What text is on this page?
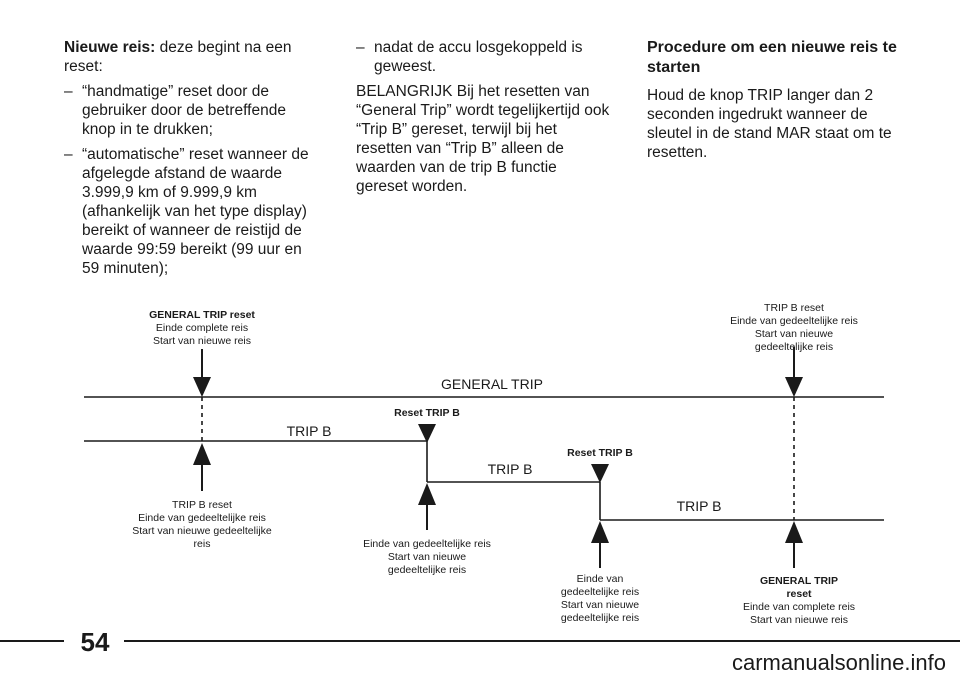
Nieuwe reis: deze begint na een reset:

– “handmatige” reset door de gebruiker door de betreffende knop in te drukken;
– “automatische” reset wanneer de afgelegde afstand de waarde 3.999,9 km of 9.999,9 km (afhankelijk van het type display) bereikt of wanneer de reistijd de waarde 99:59 bereikt (99 uur en 59 minuten);
– nadat de accu losgekoppeld is geweest.

BELANGRIJK Bij het resetten van “General Trip” wordt tegelijkertijd ook “Trip B” gereset, terwijl bij het resetten van “Trip B” alleen de waarden van de trip B functie gereset worden.

Procedure om een nieuwe reis te starten

Houd de knop TRIP langer dan 2 seconden ingedrukt wanneer de sleutel in de stand MAR staat om te resetten.

GENERAL TRIP
TRIP B
TRIP B
TRIP B
Reset TRIP B
Reset TRIP B
GENERAL TRIP reset
Einde complete reis
Start van nieuwe reis
TRIP B reset
Einde van gedeeltelijke reis
Start van nieuwe
gedeeltelijke reis
TRIP B reset
Einde van gedeeltelijke reis
Start van nieuwe gedeeltelijke
reis	Einde van gedeeltelijke reis
Start van nieuwe
gedeeltelijke reis
Einde van
gedeeltelijke reis
Start van nieuwe
gedeeltelijke reis
GENERAL TRIP
reset
Einde van complete reis
Start van nieuwe reis
54
carmanualsonline.info
